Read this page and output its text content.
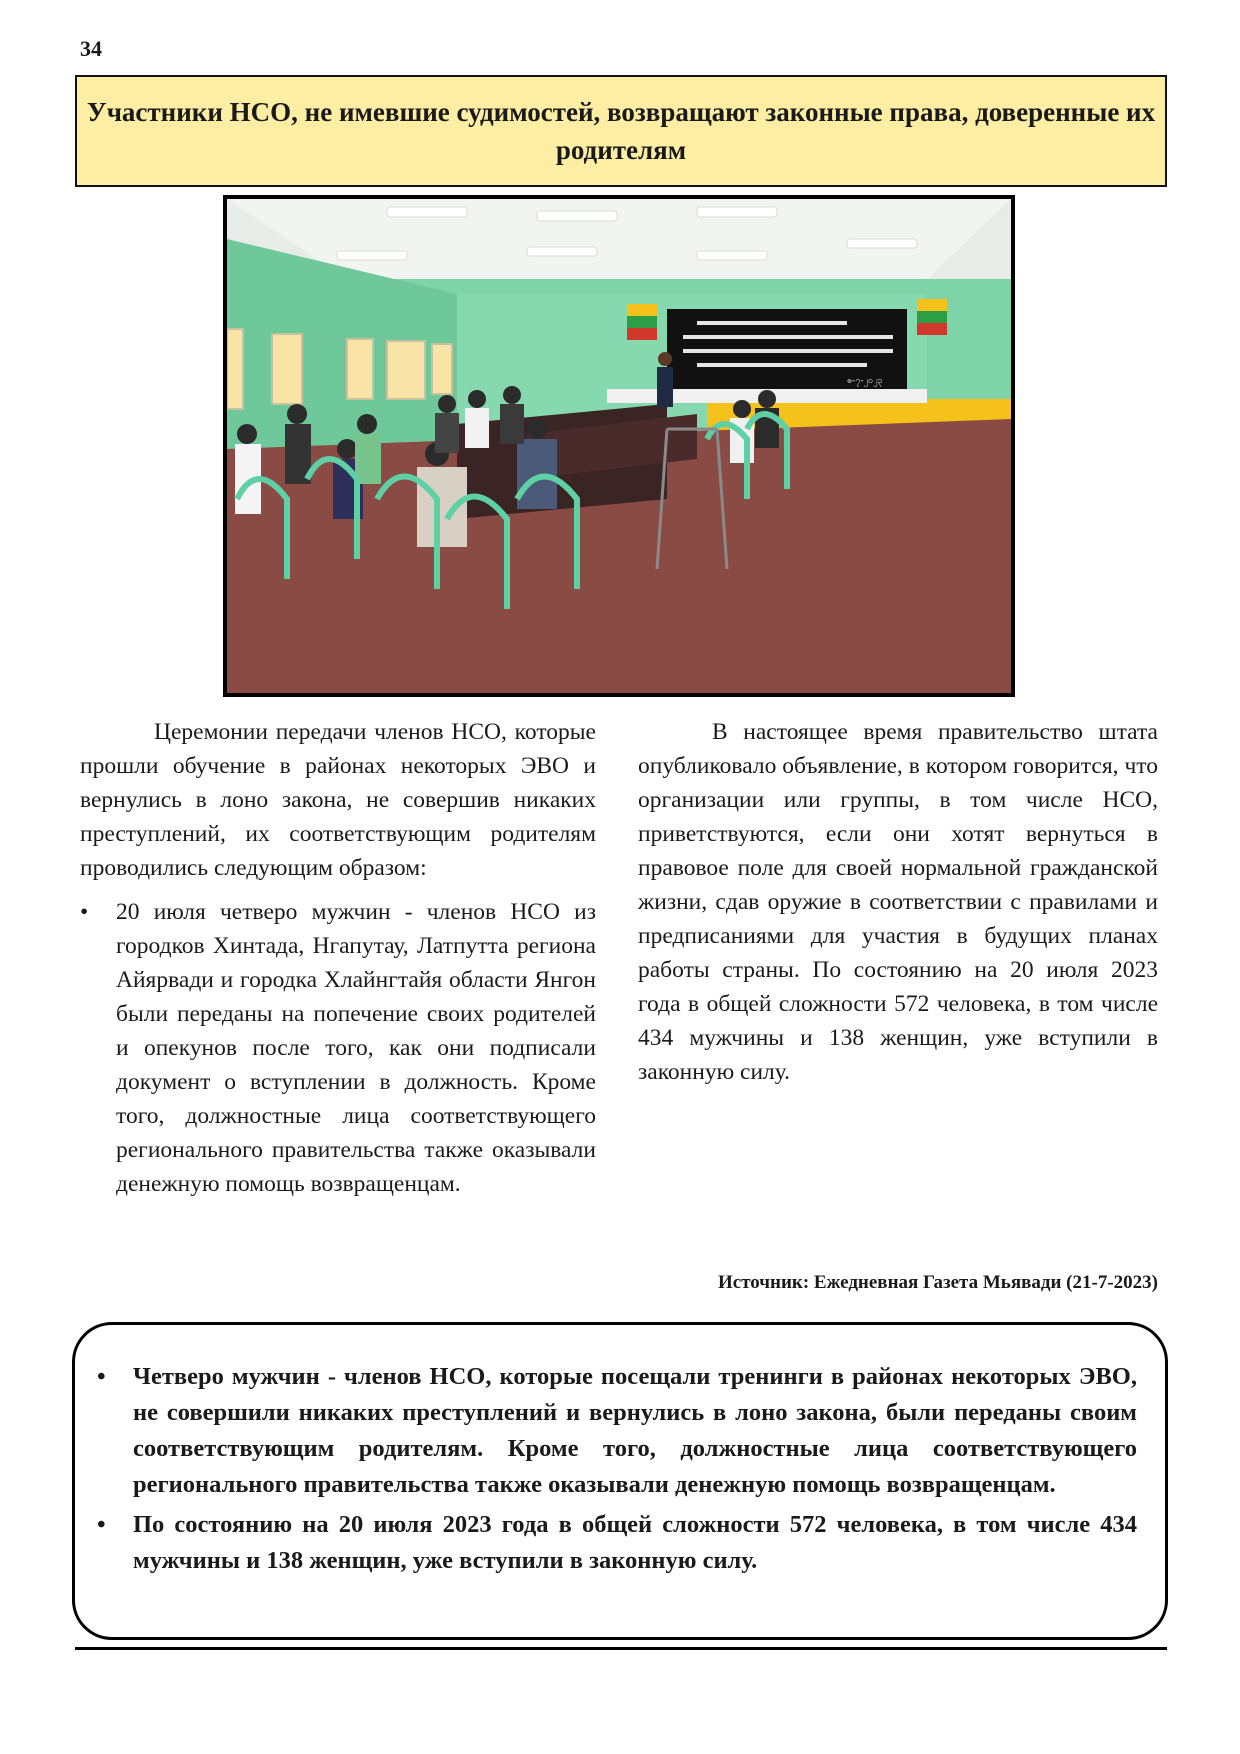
34
Участники НСО, не имевшие судимостей, возвращают законные права, доверенные их родителям
ၜ-၇-၂၀၂၃

Церемонии передачи членов НСО, которые прошли обучение в районах некоторых ЭВО и вернулись в лоно закона, не совершив никаких преступлений, их соответствующим родителям проводились следующим образом:

• 20 июля четверо мужчин - членов НСО из городков Хинтада, Нгапутау, Латпутта региона Айярвади и городка Хлайнгтайя области Янгон были переданы на попечение своих родителей и опекунов после того, как они подписали документ о вступлении в должность. Кроме того, должностные лица соответствующего регионального правительства также оказывали денежную помощь возвращенцам.

В настоящее время правительство штата опубликовало объявление, в котором говорится, что организации или группы, в том числе НСО, приветствуются, если они хотят вернуться в правовое поле для своей нормальной гражданской жизни, сдав оружие в соответствии с правилами и предписаниями для участия в будущих планах работы страны. По состоянию на 20 июля 2023 года в общей сложности 572 человека, в том числе 434 мужчины и 138 женщин, уже вступили в законную силу.

Источник: Ежедневная Газета Мьявади (21-7-2023)
• Четверо мужчин - членов НСО, которые посещали тренинги в районах некоторых ЭВО, не совершили никаких преступлений и вернулись в лоно закона, были переданы своим соответствующим родителям. Кроме того, должностные лица соответствующего регионального правительства также оказывали денежную помощь возвращенцам.
• По состоянию на 20 июля 2023 года в общей сложности 572 человека, в том числе 434 мужчины и 138 женщин, уже вступили в законную силу.
